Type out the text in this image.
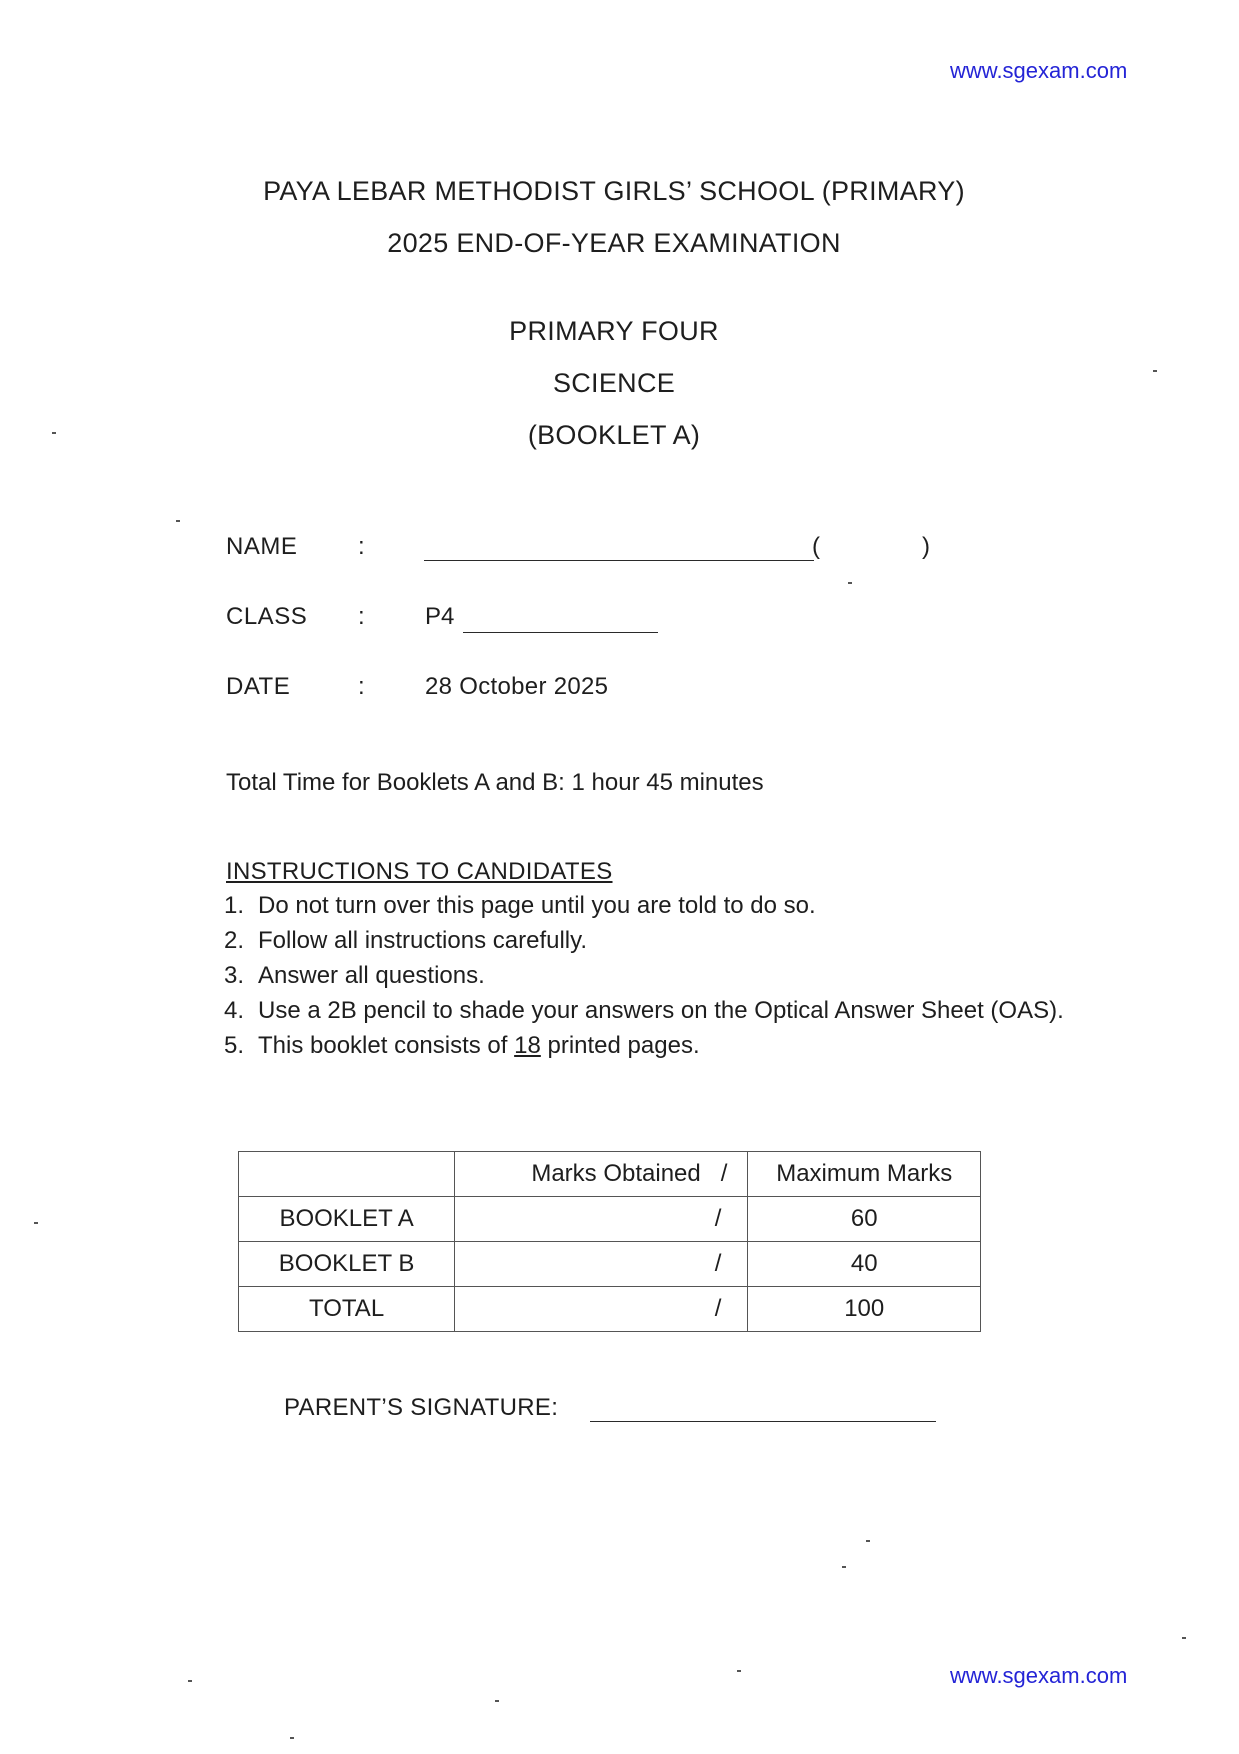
www.sgexam.com
PAYA LEBAR METHODIST GIRLS’ SCHOOL (PRIMARY)
2025 END-OF-YEAR EXAMINATION
PRIMARY FOUR
SCIENCE
(BOOKLET A)
NAME	:	(	)
CLASS :	P4
DATE	:	28 October 2025
Total Time for Booklets A and B: 1 hour 45 minutes
INSTRUCTIONS TO CANDIDATES
1. Do not turn over this page until you are told to do so.
2. Follow all instructions carefully.
3. Answer all questions.
4. Use a 2B pencil to shade your answers on the Optical Answer Sheet (OAS).
5. This booklet consists of 18 printed pages.
	Marks Obtained /	Maximum Marks
BOOKLET A	/	60
BOOKLET B	/	40
TOTAL	/	100
PARENT’S SIGNATURE:
www.sgexam.com
